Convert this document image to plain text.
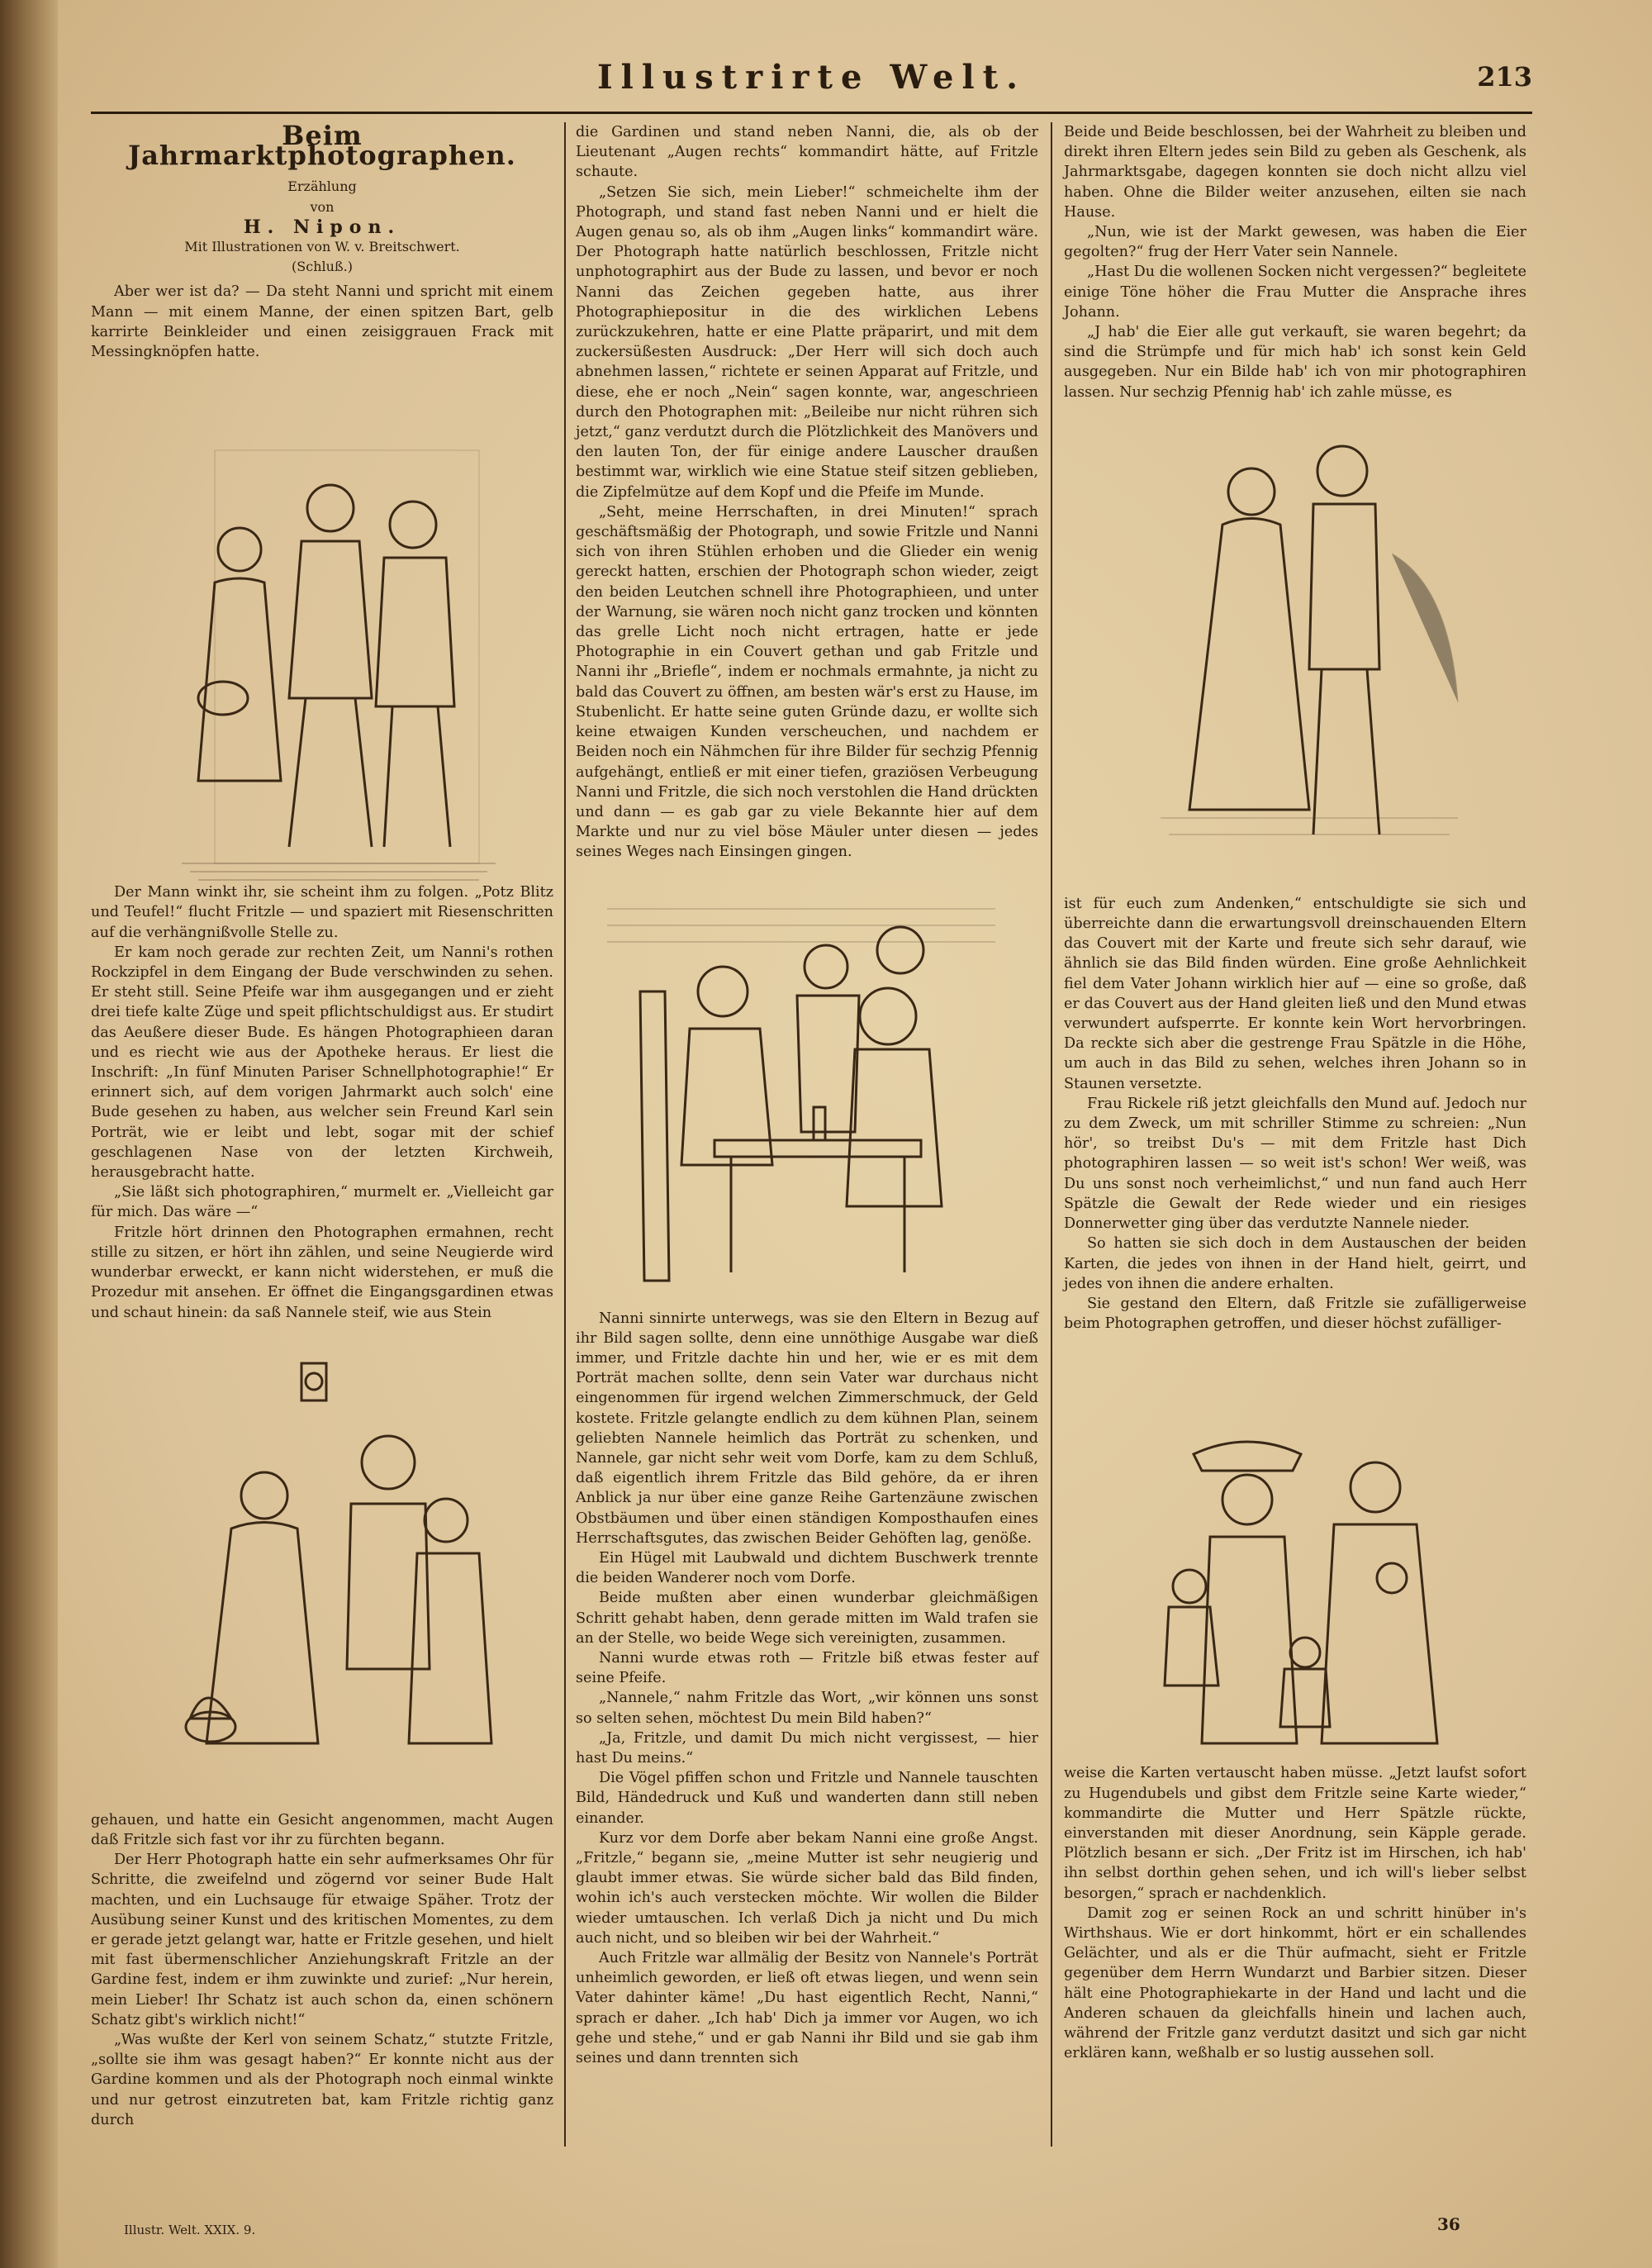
Illustrirte Welt.	213
Beim Jahrmarktphotographen.

Erzählung

von

H. Nipon.

Mit Illustrationen von W. v. Breitschwert.

(Schluß.)

Aber wer ist da? — Da steht Nanni und spricht mit einem Mann — mit einem Manne, der einen spitzen Bart, gelb karrirte Beinkleider und einen zeisiggrauen Frack mit Messingknöpfen hatte.

Der Mann winkt ihr, sie scheint ihm zu folgen. „Potz Blitz und Teufel!“ flucht Fritzle — und spaziert mit Riesenschritten auf die verhängnißvolle Stelle zu.

Er kam noch gerade zur rechten Zeit, um Nanni's rothen Rockzipfel in dem Eingang der Bude verschwinden zu sehen. Er steht still. Seine Pfeife war ihm ausgegangen und er zieht drei tiefe kalte Züge und speit pflichtschuldigst aus. Er studirt das Aeußere dieser Bude. Es hängen Photographieen daran und es riecht wie aus der Apotheke heraus. Er liest die Inschrift: „In fünf Minuten Pariser Schnellphotographie!“ Er erinnert sich, auf dem vorigen Jahrmarkt auch solch' eine Bude gesehen zu haben, aus welcher sein Freund Karl sein Porträt, wie er leibt und lebt, sogar mit der schief geschlagenen Nase von der letzten Kirchweih, herausgebracht hatte.

„Sie läßt sich photographiren,“ murmelt er. „Vielleicht gar für mich. Das wäre —“

Fritzle hört drinnen den Photographen ermahnen, recht stille zu sitzen, er hört ihn zählen, und seine Neugierde wird wunderbar erweckt, er kann nicht widerstehen, er muß die Prozedur mit ansehen. Er öffnet die Eingangsgardinen etwas und schaut hinein: da saß Nannele steif, wie aus Stein

gehauen, und hatte ein Gesicht angenommen, macht Augen daß Fritzle sich fast vor ihr zu fürchten begann.

Der Herr Photograph hatte ein sehr aufmerksames Ohr für Schritte, die zweifelnd und zögernd vor seiner Bude Halt machten, und ein Luchsauge für etwaige Späher. Trotz der Ausübung seiner Kunst und des kritischen Momentes, zu dem er gerade jetzt gelangt war, hatte er Fritzle gesehen, und hielt mit fast übermenschlicher Anziehungskraft Fritzle an der Gardine fest, indem er ihm zuwinkte und zurief: „Nur herein, mein Lieber! Ihr Schatz ist auch schon da, einen schönern Schatz gibt's wirklich nicht!“

„Was wußte der Kerl von seinem Schatz,“ stutzte Fritzle, „sollte sie ihm was gesagt haben?“ Er konnte nicht aus der Gardine kommen und als der Photograph noch einmal winkte und nur getrost einzutreten bat, kam Fritzle richtig ganz durch

die Gardinen und stand neben Nanni, die, als ob der Lieutenant „Augen rechts“ kommandirt hätte, auf Fritzle schaute.

„Setzen Sie sich, mein Lieber!“ schmeichelte ihm der Photograph, und stand fast neben Nanni und er hielt die Augen genau so, als ob ihm „Augen links“ kommandirt wäre. Der Photograph hatte natürlich beschlossen, Fritzle nicht unphotographirt aus der Bude zu lassen, und bevor er noch Nanni das Zeichen gegeben hatte, aus ihrer Photographiepositur in die des wirklichen Lebens zurückzukehren, hatte er eine Platte präparirt, und mit dem zuckersüßesten Ausdruck: „Der Herr will sich doch auch abnehmen lassen,“ richtete er seinen Apparat auf Fritzle, und diese, ehe er noch „Nein“ sagen konnte, war, angeschrieen durch den Photographen mit: „Beileibe nur nicht rühren sich jetzt,“ ganz verdutzt durch die Plötzlichkeit des Manövers und den lauten Ton, der für einige andere Lauscher draußen bestimmt war, wirklich wie eine Statue steif sitzen geblieben, die Zipfelmütze auf dem Kopf und die Pfeife im Munde.

„Seht, meine Herrschaften, in drei Minuten!“ sprach geschäftsmäßig der Photograph, und sowie Fritzle und Nanni sich von ihren Stühlen erhoben und die Glieder ein wenig gereckt hatten, erschien der Photograph schon wieder, zeigt den beiden Leutchen schnell ihre Photographieen, und unter der Warnung, sie wären noch nicht ganz trocken und könnten das grelle Licht noch nicht ertragen, hatte er jede Photographie in ein Couvert gethan und gab Fritzle und Nanni ihr „Brieflе“, indem er nochmals ermahnte, ja nicht zu bald das Couvert zu öffnen, am besten wär's erst zu Hause, im Stubenlicht. Er hatte seine guten Gründe dazu, er wollte sich keine etwaigen Kunden verscheuchen, und nachdem er Beiden noch ein Nähmchen für ihre Bilder für sechzig Pfennig aufgehängt, entließ er mit einer tiefen, graziösen Verbeugung Nanni und Fritzle, die sich noch verstohlen die Hand drückten und dann — es gab gar zu viele Bekannte hier auf dem Markte und nur zu viel böse Mäuler unter diesen — jedes seines Weges nach Einsingen gingen.

Nanni sinnirte unterwegs, was sie den Eltern in Bezug auf ihr Bild sagen sollte, denn eine unnöthige Ausgabe war dieß immer, und Fritzle dachte hin und her, wie er es mit dem Porträt machen sollte, denn sein Vater war durchaus nicht eingenommen für irgend welchen Zimmerschmuck, der Geld kostete. Fritzle gelangte endlich zu dem kühnen Plan, seinem geliebten Nannele heimlich das Porträt zu schenken, und Nannele, gar nicht sehr weit vom Dorfe, kam zu dem Schluß, daß eigentlich ihrem Fritzle das Bild gehöre, da er ihren Anblick ja nur über eine ganze Reihe Gartenzäune zwischen Obstbäumen und über einen ständigen Komposthaufen eines Herrschaftsgutes, das zwischen Beider Gehöften lag, genöße.

Ein Hügel mit Laubwald und dichtem Buschwerk trennte die beiden Wanderer noch vom Dorfe.

Beide mußten aber einen wunderbar gleichmäßigen Schritt gehabt haben, denn gerade mitten im Wald trafen sie an der Stelle, wo beide Wege sich vereinigten, zusammen.

Nanni wurde etwas roth — Fritzle biß etwas fester auf seine Pfeife.

„Nannele,“ nahm Fritzle das Wort, „wir können uns sonst so selten sehen, möchtest Du mein Bild haben?“

„Ja, Fritzle, und damit Du mich nicht vergissest, — hier hast Du meins.“

Die Vögel pfiffen schon und Fritzle und Nannele tauschten Bild, Händedruck und Kuß und wanderten dann still neben einander.

Kurz vor dem Dorfe aber bekam Nanni eine große Angst. „Fritzle,“ begann sie, „meine Mutter ist sehr neugierig und glaubt immer etwas. Sie würde sicher bald das Bild finden, wohin ich's auch verstecken möchte. Wir wollen die Bilder wieder umtauschen. Ich verlaß Dich ja nicht und Du mich auch nicht, und so bleiben wir bei der Wahrheit.“

Auch Fritzle war allmälig der Besitz von Nannele's Porträt unheimlich geworden, er ließ oft etwas liegen, und wenn sein Vater dahinter käme! „Du hast eigentlich Recht, Nanni,“ sprach er daher. „Ich hab' Dich ja immer vor Augen, wo ich gehe und stehe,“ und er gab Nanni ihr Bild und sie gab ihm seines und dann trennten sich

Beide und Beide beschlossen, bei der Wahrheit zu bleiben und direkt ihren Eltern jedes sein Bild zu geben als Geschenk, als Jahrmarktsgabe, dagegen konnten sie doch nicht allzu viel haben. Ohne die Bilder weiter anzusehen, eilten sie nach Hause.

„Nun, wie ist der Markt gewesen, was haben die Eier gegolten?“ frug der Herr Vater sein Nannele.

„Hast Du die wollenen Socken nicht vergessen?“ begleitete einige Töne höher die Frau Mutter die Ansprache ihres Johann.

„J hab' die Eier alle gut verkauft, sie waren begehrt; da sind die Strümpfe und für mich hab' ich sonst kein Geld ausgegeben. Nur ein Bilde hab' ich von mir photographiren lassen. Nur sechzig Pfennig hab' ich zahle müsse, es

ist für euch zum Andenken,“ entschuldigte sie sich und überreichte dann die erwartungsvoll dreinschauenden Eltern das Couvert mit der Karte und freute sich sehr darauf, wie ähnlich sie das Bild finden würden. Eine große Aehnlichkeit fiel dem Vater Johann wirklich hier auf — eine so große, daß er das Couvert aus der Hand gleiten ließ und den Mund etwas verwundert aufsperrte. Er konnte kein Wort hervorbringen. Da reckte sich aber die gestrenge Frau Spätzle in die Höhe, um auch in das Bild zu sehen, welches ihren Johann so in Staunen versetzte.

Frau Rickele riß jetzt gleichfalls den Mund auf. Jedoch nur zu dem Zweck, um mit schriller Stimme zu schreien: „Nun hör', so treibst Du's — mit dem Fritzle hast Dich photographiren lassen — so weit ist's schon! Wer weiß, was Du uns sonst noch verheimlichst,“ und nun fand auch Herr Spätzle die Gewalt der Rede wieder und ein riesiges Donnerwetter ging über das verdutzte Nannele nieder.

So hatten sie sich doch in dem Austauschen der beiden Karten, die jedes von ihnen in der Hand hielt, geirrt, und jedes von ihnen die andere erhalten.

Sie gestand den Eltern, daß Fritzle sie zufälligerweise beim Photographen getroffen, und dieser höchst zufälliger-

weise die Karten vertauscht haben müsse. „Jetzt laufst sofort zu Hugendubels und gibst dem Fritzle seine Karte wieder,“ kommandirte die Mutter und Herr Spätzle rückte, einverstanden mit dieser Anordnung, sein Käpple gerade. Plötzlich besann er sich. „Der Fritz ist im Hirschen, ich hab' ihn selbst dorthin gehen sehen, und ich will's lieber selbst besorgen,“ sprach er nachdenklich.

Damit zog er seinen Rock an und schritt hinüber in's Wirthshaus. Wie er dort hinkommt, hört er ein schallendes Gelächter, und als er die Thür aufmacht, sieht er Fritzle gegenüber dem Herrn Wundarzt und Barbier sitzen. Dieser hält eine Photographiekarte in der Hand und lacht und die Anderen schauen da gleichfalls hinein und lachen auch, während der Fritzle ganz verdutzt dasitzt und sich gar nicht erklären kann, weßhalb er so lustig aussehen soll.

Illustr. Welt. XXIX. 9.	36
